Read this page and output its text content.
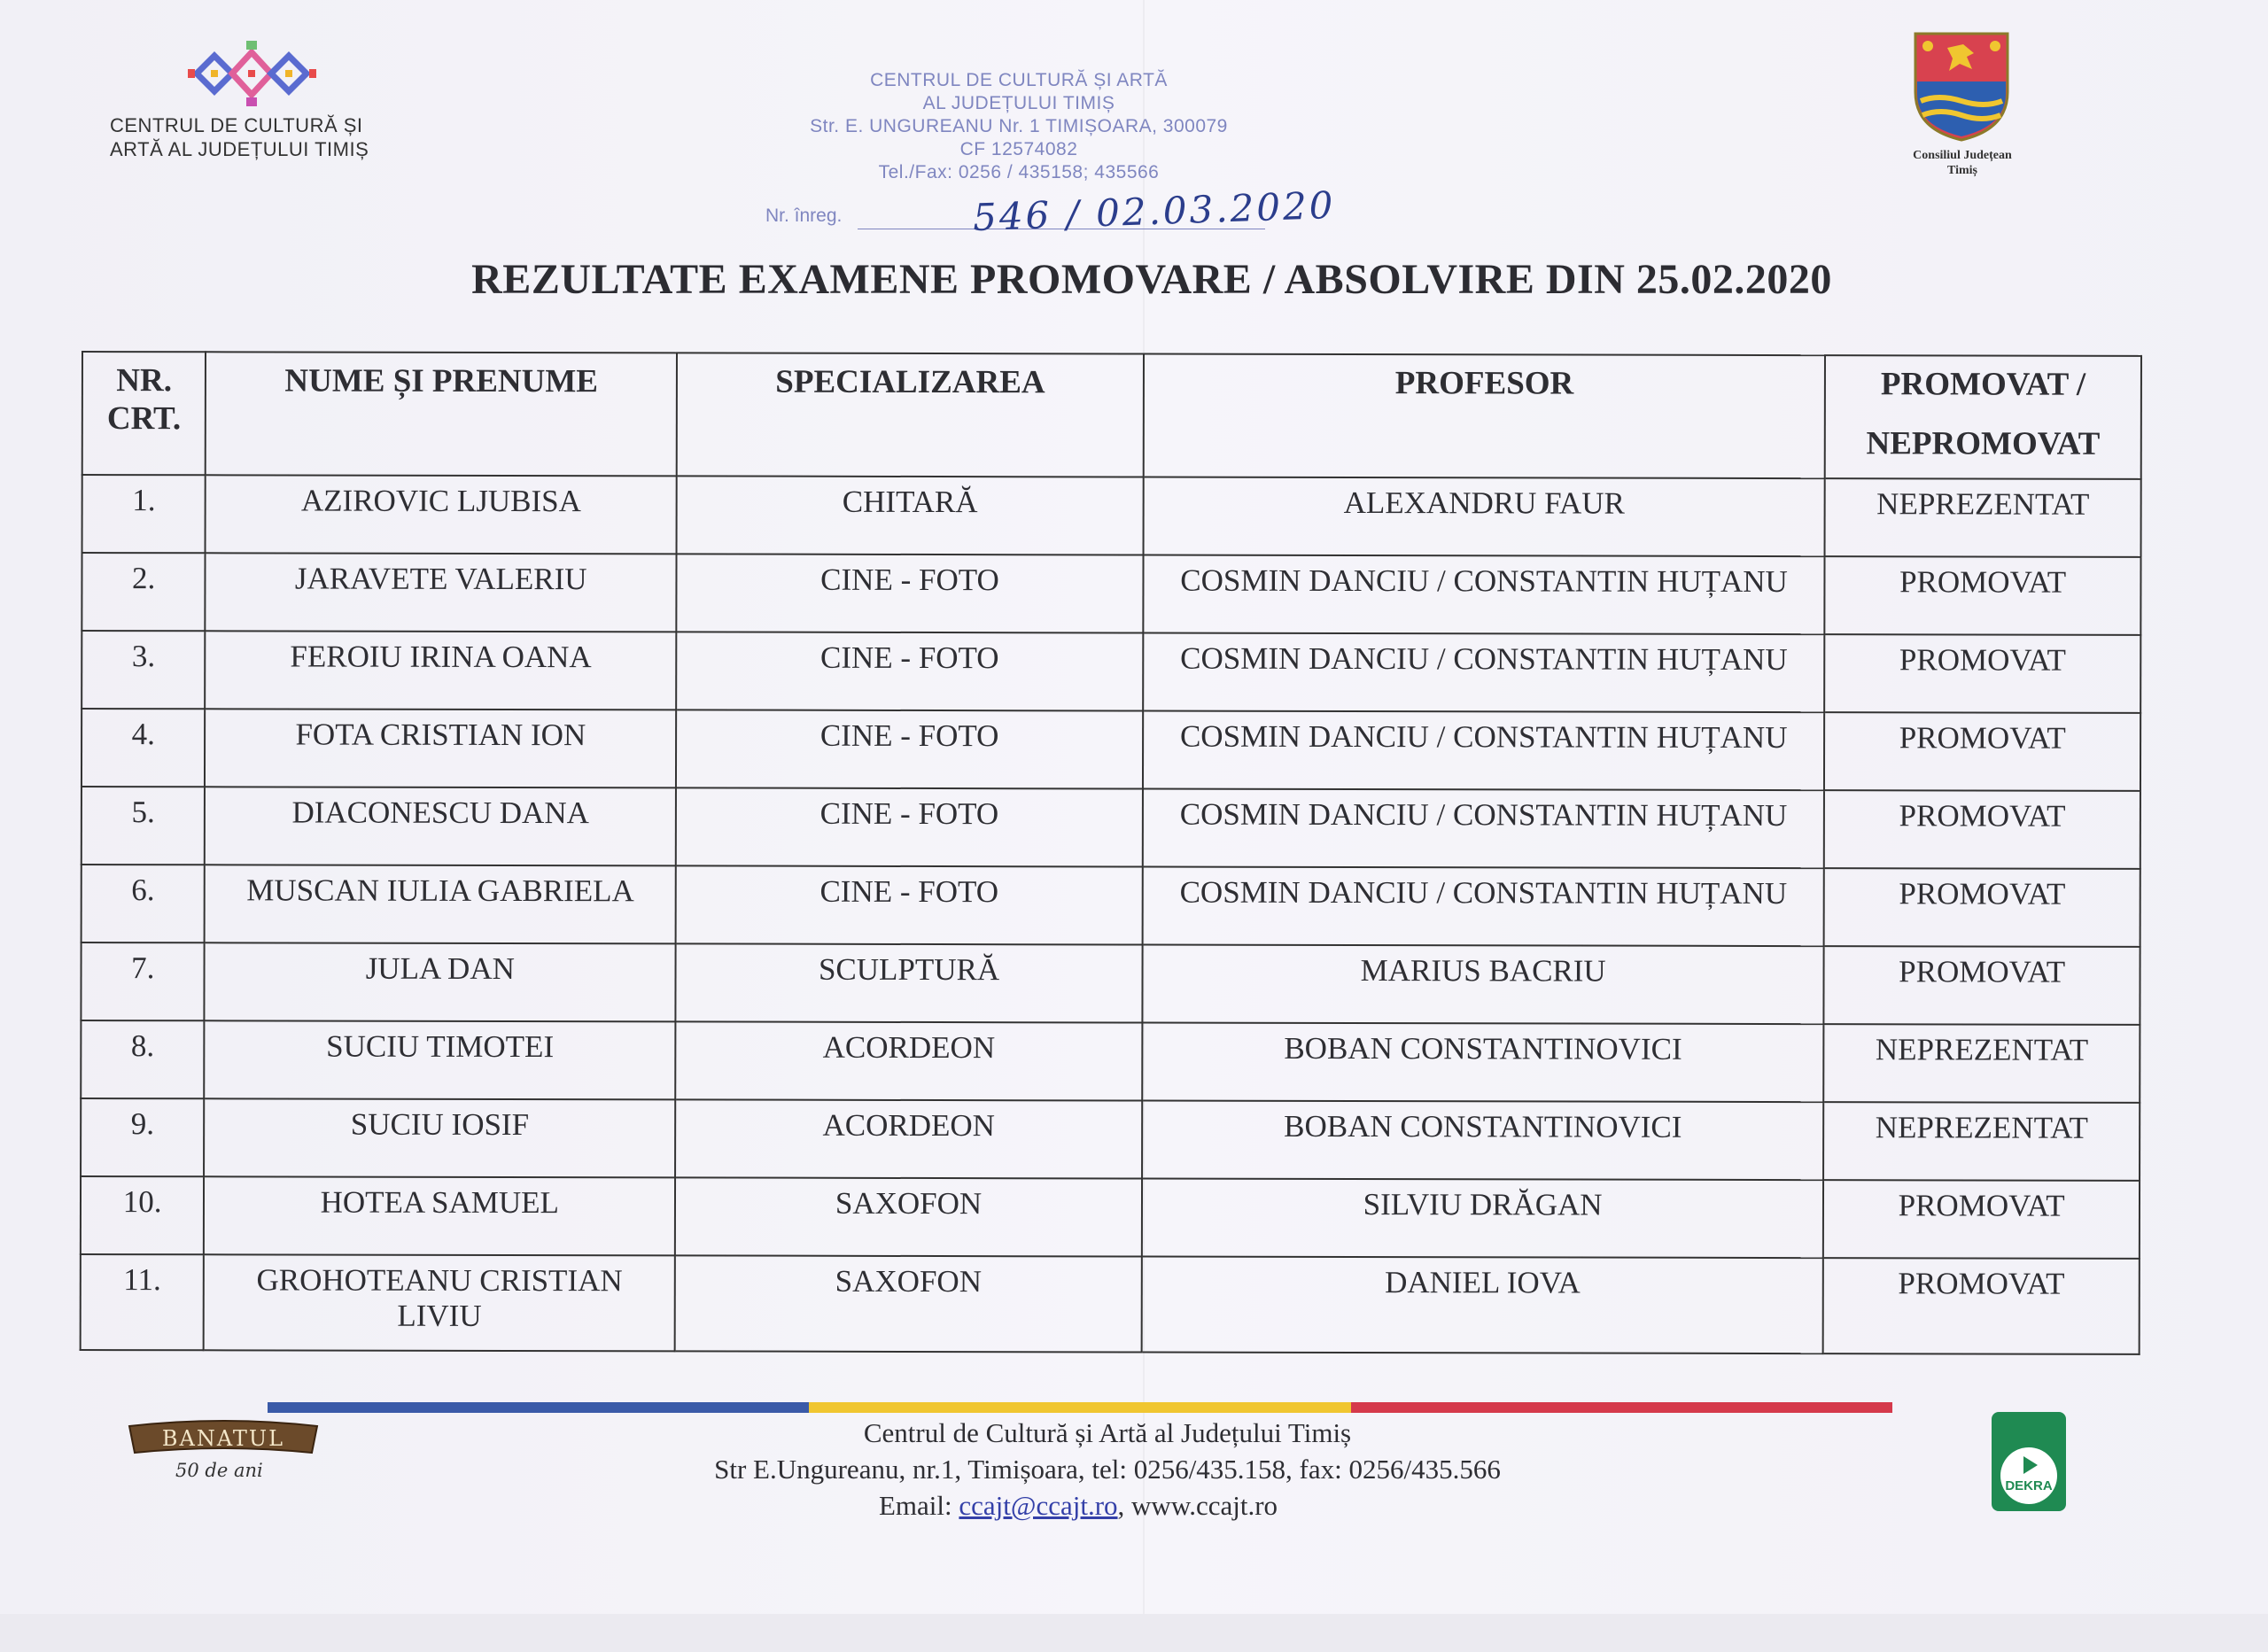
CENTRUL DE CULTURĂ ȘI
ARTĂ AL JUDEȚULUI TIMIȘ
CENTRUL DE CULTURĂ ȘI ARTĂ
AL JUDEȚULUI TIMIȘ
Str. E. UNGUREANU Nr. 1 TIMIȘOARA, 300079
CF 12574082
Tel./Fax: 0256 / 435158; 435566
Nr. înreg.	546 / 02.03.2020
Consiliul Județean
Timiș
REZULTATE EXAMENE PROMOVARE / ABSOLVIRE DIN 25.02.2020
NR.
CRT.	NUME ȘI PRENUME	SPECIALIZAREA	PROFESOR	PROMOVAT /
NEPROMOVAT

1.	AZIROVIC LJUBISA	CHITARĂ	ALEXANDRU FAUR	NEPREZENTAT
2.	JARAVETE VALERIU	CINE - FOTO	COSMIN DANCIU / CONSTANTIN HUȚANU	PROMOVAT
3.	FEROIU IRINA OANA	CINE - FOTO	COSMIN DANCIU / CONSTANTIN HUȚANU	PROMOVAT
4.	FOTA CRISTIAN ION	CINE - FOTO	COSMIN DANCIU / CONSTANTIN HUȚANU	PROMOVAT
5.	DIACONESCU DANA	CINE - FOTO	COSMIN DANCIU / CONSTANTIN HUȚANU	PROMOVAT
6.	MUSCAN IULIA GABRIELA	CINE - FOTO	COSMIN DANCIU / CONSTANTIN HUȚANU	PROMOVAT
7.	JULA DAN	SCULPTURĂ	MARIUS BACRIU	PROMOVAT
8.	SUCIU TIMOTEI	ACORDEON	BOBAN CONSTANTINOVICI	NEPREZENTAT
9.	SUCIU IOSIF	ACORDEON	BOBAN CONSTANTINOVICI	NEPREZENTAT
10.	HOTEA SAMUEL	SAXOFON	SILVIU DRĂGAN	PROMOVAT
11.	GROHOTEANU CRISTIAN LIVIU	SAXOFON	DANIEL IOVA	PROMOVAT
BANATUL
50 de ani
Centrul de Cultură și Artă al Județului Timiș
Str E.Ungureanu, nr.1, Timișoara, tel: 0256/435.158, fax: 0256/435.566
Email: ccajt@ccajt.ro, www.ccajt.ro
DEKRA
